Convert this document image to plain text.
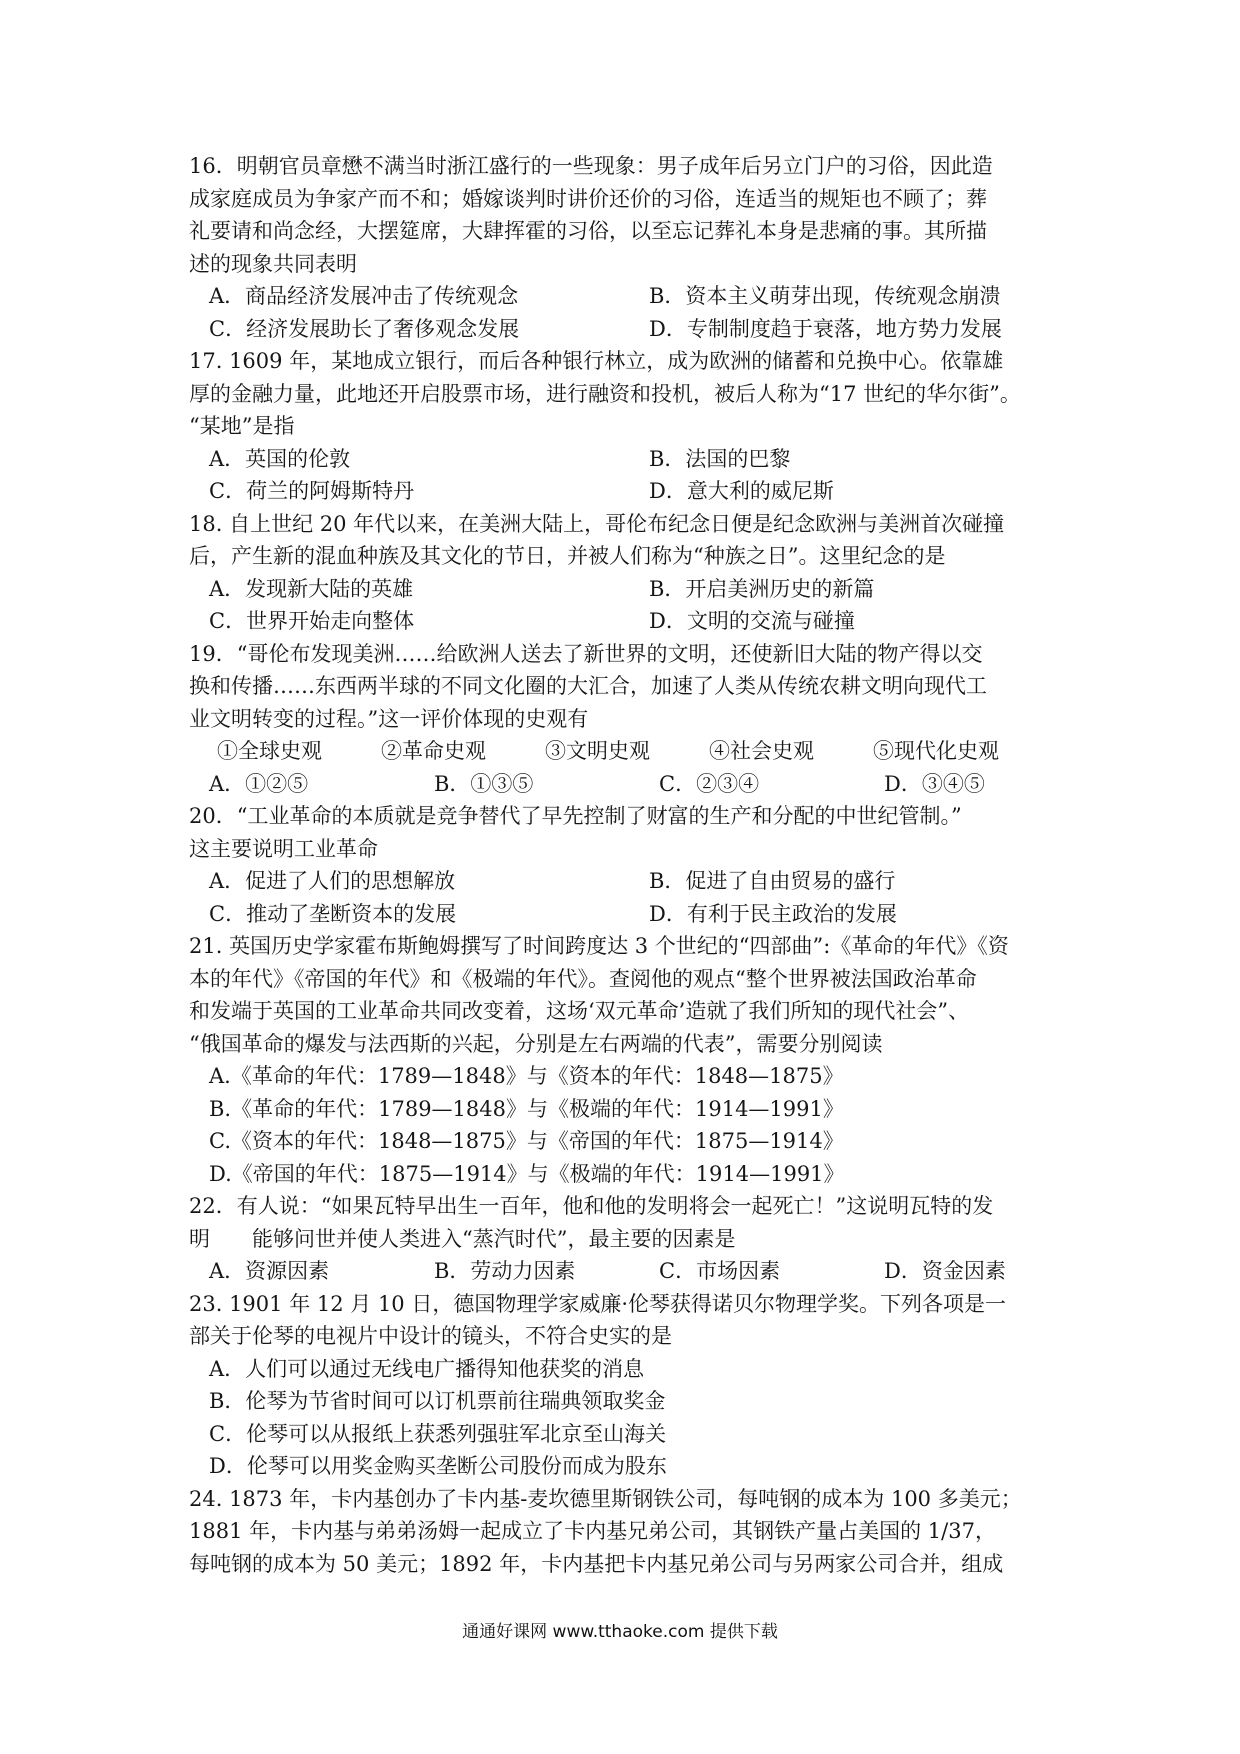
16．明朝官员章懋不满当时浙江盛行的一些现象：男子成年后另立门户的习俗，因此造
成家庭成员为争家产而不和；婚嫁谈判时讲价还价的习俗，连适当的规矩也不顾了；葬
礼要请和尚念经，大摆筵席，大肆挥霍的习俗，以至忘记葬礼本身是悲痛的事。其所描
述的现象共同表明
A．商品经济发展冲击了传统观念	B．资本主义萌芽出现，传统观念崩溃
C．经济发展助长了奢侈观念发展	D．专制制度趋于衰落，地方势力发展
17. 1609 年，某地成立银行，而后各种银行林立，成为欧洲的储蓄和兑换中心。依靠雄
厚的金融力量，此地还开启股票市场，进行融资和投机，被后人称为“17 世纪的华尔街”。
“某地”是指
A．英国的伦敦	B．法国的巴黎
C．荷兰的阿姆斯特丹	D．意大利的威尼斯
18. 自上世纪 20 年代以来，在美洲大陆上，哥伦布纪念日便是纪念欧洲与美洲首次碰撞
后，产生新的混血种族及其文化的节日，并被人们称为“种族之日”。这里纪念的是
A．发现新大陆的英雄	B．开启美洲历史的新篇
C．世界开始走向整体	D．文明的交流与碰撞
19．“哥伦布发现美洲……给欧洲人送去了新世界的文明，还使新旧大陆的物产得以交
换和传播……东西两半球的不同文化圈的大汇合，加速了人类从传统农耕文明向现代工
业文明转变的过程。”这一评价体现的史观有
①全球史观	②革命史观	③文明史观	④社会史观	⑤现代化史观
A．①②⑤	B．①③⑤	C．②③④	D．③④⑤
20．“工业革命的本质就是竞争替代了早先控制了财富的生产和分配的中世纪管制。”
这主要说明工业革命
A．促进了人们的思想解放	B．促进了自由贸易的盛行
C．推动了垄断资本的发展	D．有利于民主政治的发展
21. 英国历史学家霍布斯鲍姆撰写了时间跨度达 3 个世纪的“四部曲”:《革命的年代》《资
本的年代》《帝国的年代》和《极端的年代》。查阅他的观点“整个世界被法国政治革命
和发端于英国的工业革命共同改变着，这场‘双元革命’造就了我们所知的现代社会”、
“俄国革命的爆发与法西斯的兴起，分别是左右两端的代表”，需要分别阅读
A.《革命的年代：1789—1848》与《资本的年代：1848—1875》
B.《革命的年代：1789—1848》与《极端的年代：1914—1991》
C.《资本的年代：1848—1875》与《帝国的年代：1875—1914》
D.《帝国的年代：1875—1914》与《极端的年代：1914—1991》
22．有人说：“如果瓦特早出生一百年，他和他的发明将会一起死亡！”这说明瓦特的发
明　　能够问世并使人类进入“蒸汽时代”，最主要的因素是
A．资源因素	B．劳动力因素	C．市场因素	D．资金因素
23. 1901 年 12 月 10 日，德国物理学家威廉·伦琴获得诺贝尔物理学奖。下列各项是一
部关于伦琴的电视片中设计的镜头，不符合史实的是
A．人们可以通过无线电广播得知他获奖的消息
B．伦琴为节省时间可以订机票前往瑞典领取奖金
C．伦琴可以从报纸上获悉列强驻军北京至山海关
D．伦琴可以用奖金购买垄断公司股份而成为股东
24. 1873 年，卡内基创办了卡内基-麦坎德里斯钢铁公司，每吨钢的成本为 100 多美元；
1881 年，卡内基与弟弟汤姆一起成立了卡内基兄弟公司，其钢铁产量占美国的 1/37，
每吨钢的成本为 50 美元；1892 年，卡内基把卡内基兄弟公司与另两家公司合并，组成
通通好课网 www.tthaoke.com 提供下载
